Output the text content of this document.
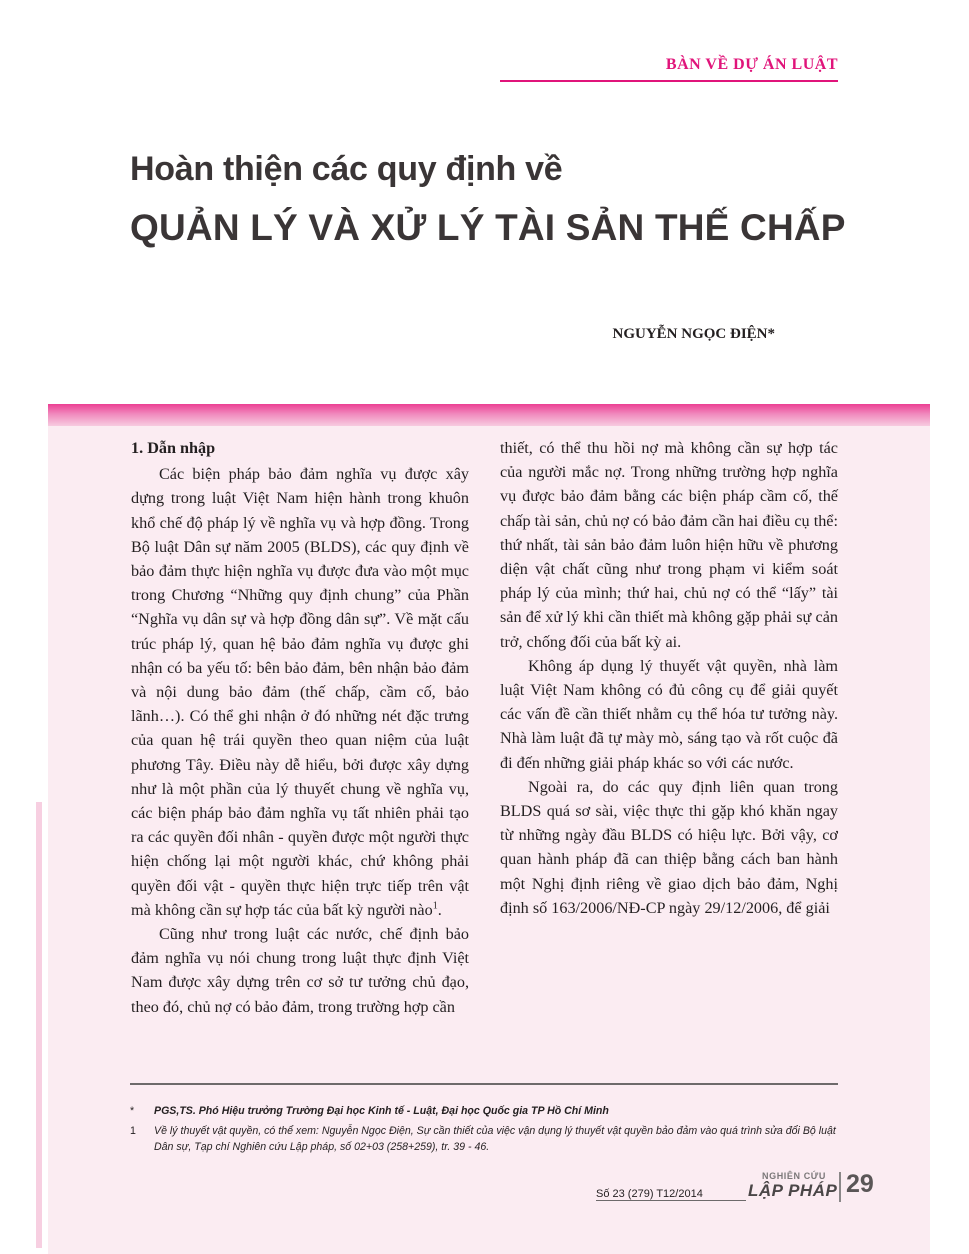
BÀN VỀ DỰ ÁN LUẬT
Hoàn thiện các quy định về
QUẢN LÝ VÀ XỬ LÝ TÀI SẢN THẾ CHẤP
NGUYỄN NGỌC ĐIỆN*
1. Dẫn nhập

Các biện pháp bảo đảm nghĩa vụ được xây dựng trong luật Việt Nam hiện hành trong khuôn khổ chế độ pháp lý về nghĩa vụ và hợp đồng. Trong Bộ luật Dân sự năm 2005 (BLDS), các quy định về bảo đảm thực hiện nghĩa vụ được đưa vào một mục trong Chương “Những quy định chung” của Phần “Nghĩa vụ dân sự và hợp đồng dân sự”. Về mặt cấu trúc pháp lý, quan hệ bảo đảm nghĩa vụ được ghi nhận có ba yếu tố: bên bảo đảm, bên nhận bảo đảm và nội dung bảo đảm (thế chấp, cầm cố, bảo lãnh…). Có thể ghi nhận ở đó những nét đặc trưng của quan hệ trái quyền theo quan niệm của luật phương Tây. Điều này dễ hiểu, bởi được xây dựng như là một phần của lý thuyết chung về nghĩa vụ, các biện pháp bảo đảm nghĩa vụ tất nhiên phải tạo ra các quyền đối nhân - quyền được một người thực hiện chống lại một người khác, chứ không phải quyền đối vật - quyền thực hiện trực tiếp trên vật mà không cần sự hợp tác của bất kỳ người nào$^1$.

Cũng như trong luật các nước, chế định bảo đảm nghĩa vụ nói chung trong luật thực định Việt Nam được xây dựng trên cơ sở tư tưởng chủ đạo, theo đó, chủ nợ có bảo đảm, trong trường hợp cần

thiết, có thể thu hồi nợ mà không cần sự hợp tác của người mắc nợ. Trong những trường hợp nghĩa vụ được bảo đảm bằng các biện pháp cầm cố, thế chấp tài sản, chủ nợ có bảo đảm cần hai điều cụ thể: thứ nhất, tài sản bảo đảm luôn hiện hữu về phương diện vật chất cũng như trong phạm vi kiểm soát pháp lý của mình; thứ hai, chủ nợ có thể “lấy” tài sản để xử lý khi cần thiết mà không gặp phải sự cản trở, chống đối của bất kỳ ai.

Không áp dụng lý thuyết vật quyền, nhà làm luật Việt Nam không có đủ công cụ để giải quyết các vấn đề cần thiết nhằm cụ thể hóa tư tưởng này. Nhà làm luật đã tự mày mò, sáng tạo và rốt cuộc đã đi đến những giải pháp khác so với các nước.

Ngoài ra, do các quy định liên quan trong BLDS quá sơ sài, việc thực thi gặp khó khăn ngay từ những ngày đầu BLDS có hiệu lực. Bởi vậy, cơ quan hành pháp đã can thiệp bằng cách ban hành một Nghị định riêng về giao dịch bảo đảm, Nghị định số 163/2006/NĐ-CP ngày 29/12/2006, để giải

*	PGS,TS. Phó Hiệu trưởng Trường Đại học Kinh tế - Luật, Đại học Quốc gia TP Hồ Chí Minh
1	Về lý thuyết vật quyền, có thể xem: Nguyễn Ngọc Điện, Sự cần thiết của việc vận dụng lý thuyết vật quyền bảo đảm vào quá trình sửa đổi Bộ luật Dân sự, Tạp chí Nghiên cứu Lập pháp, số 02+03 (258+259), tr. 39 - 46.
Số 23 (279) T12/2014
NGHIÊN CỨU
LẬP PHÁP 29
